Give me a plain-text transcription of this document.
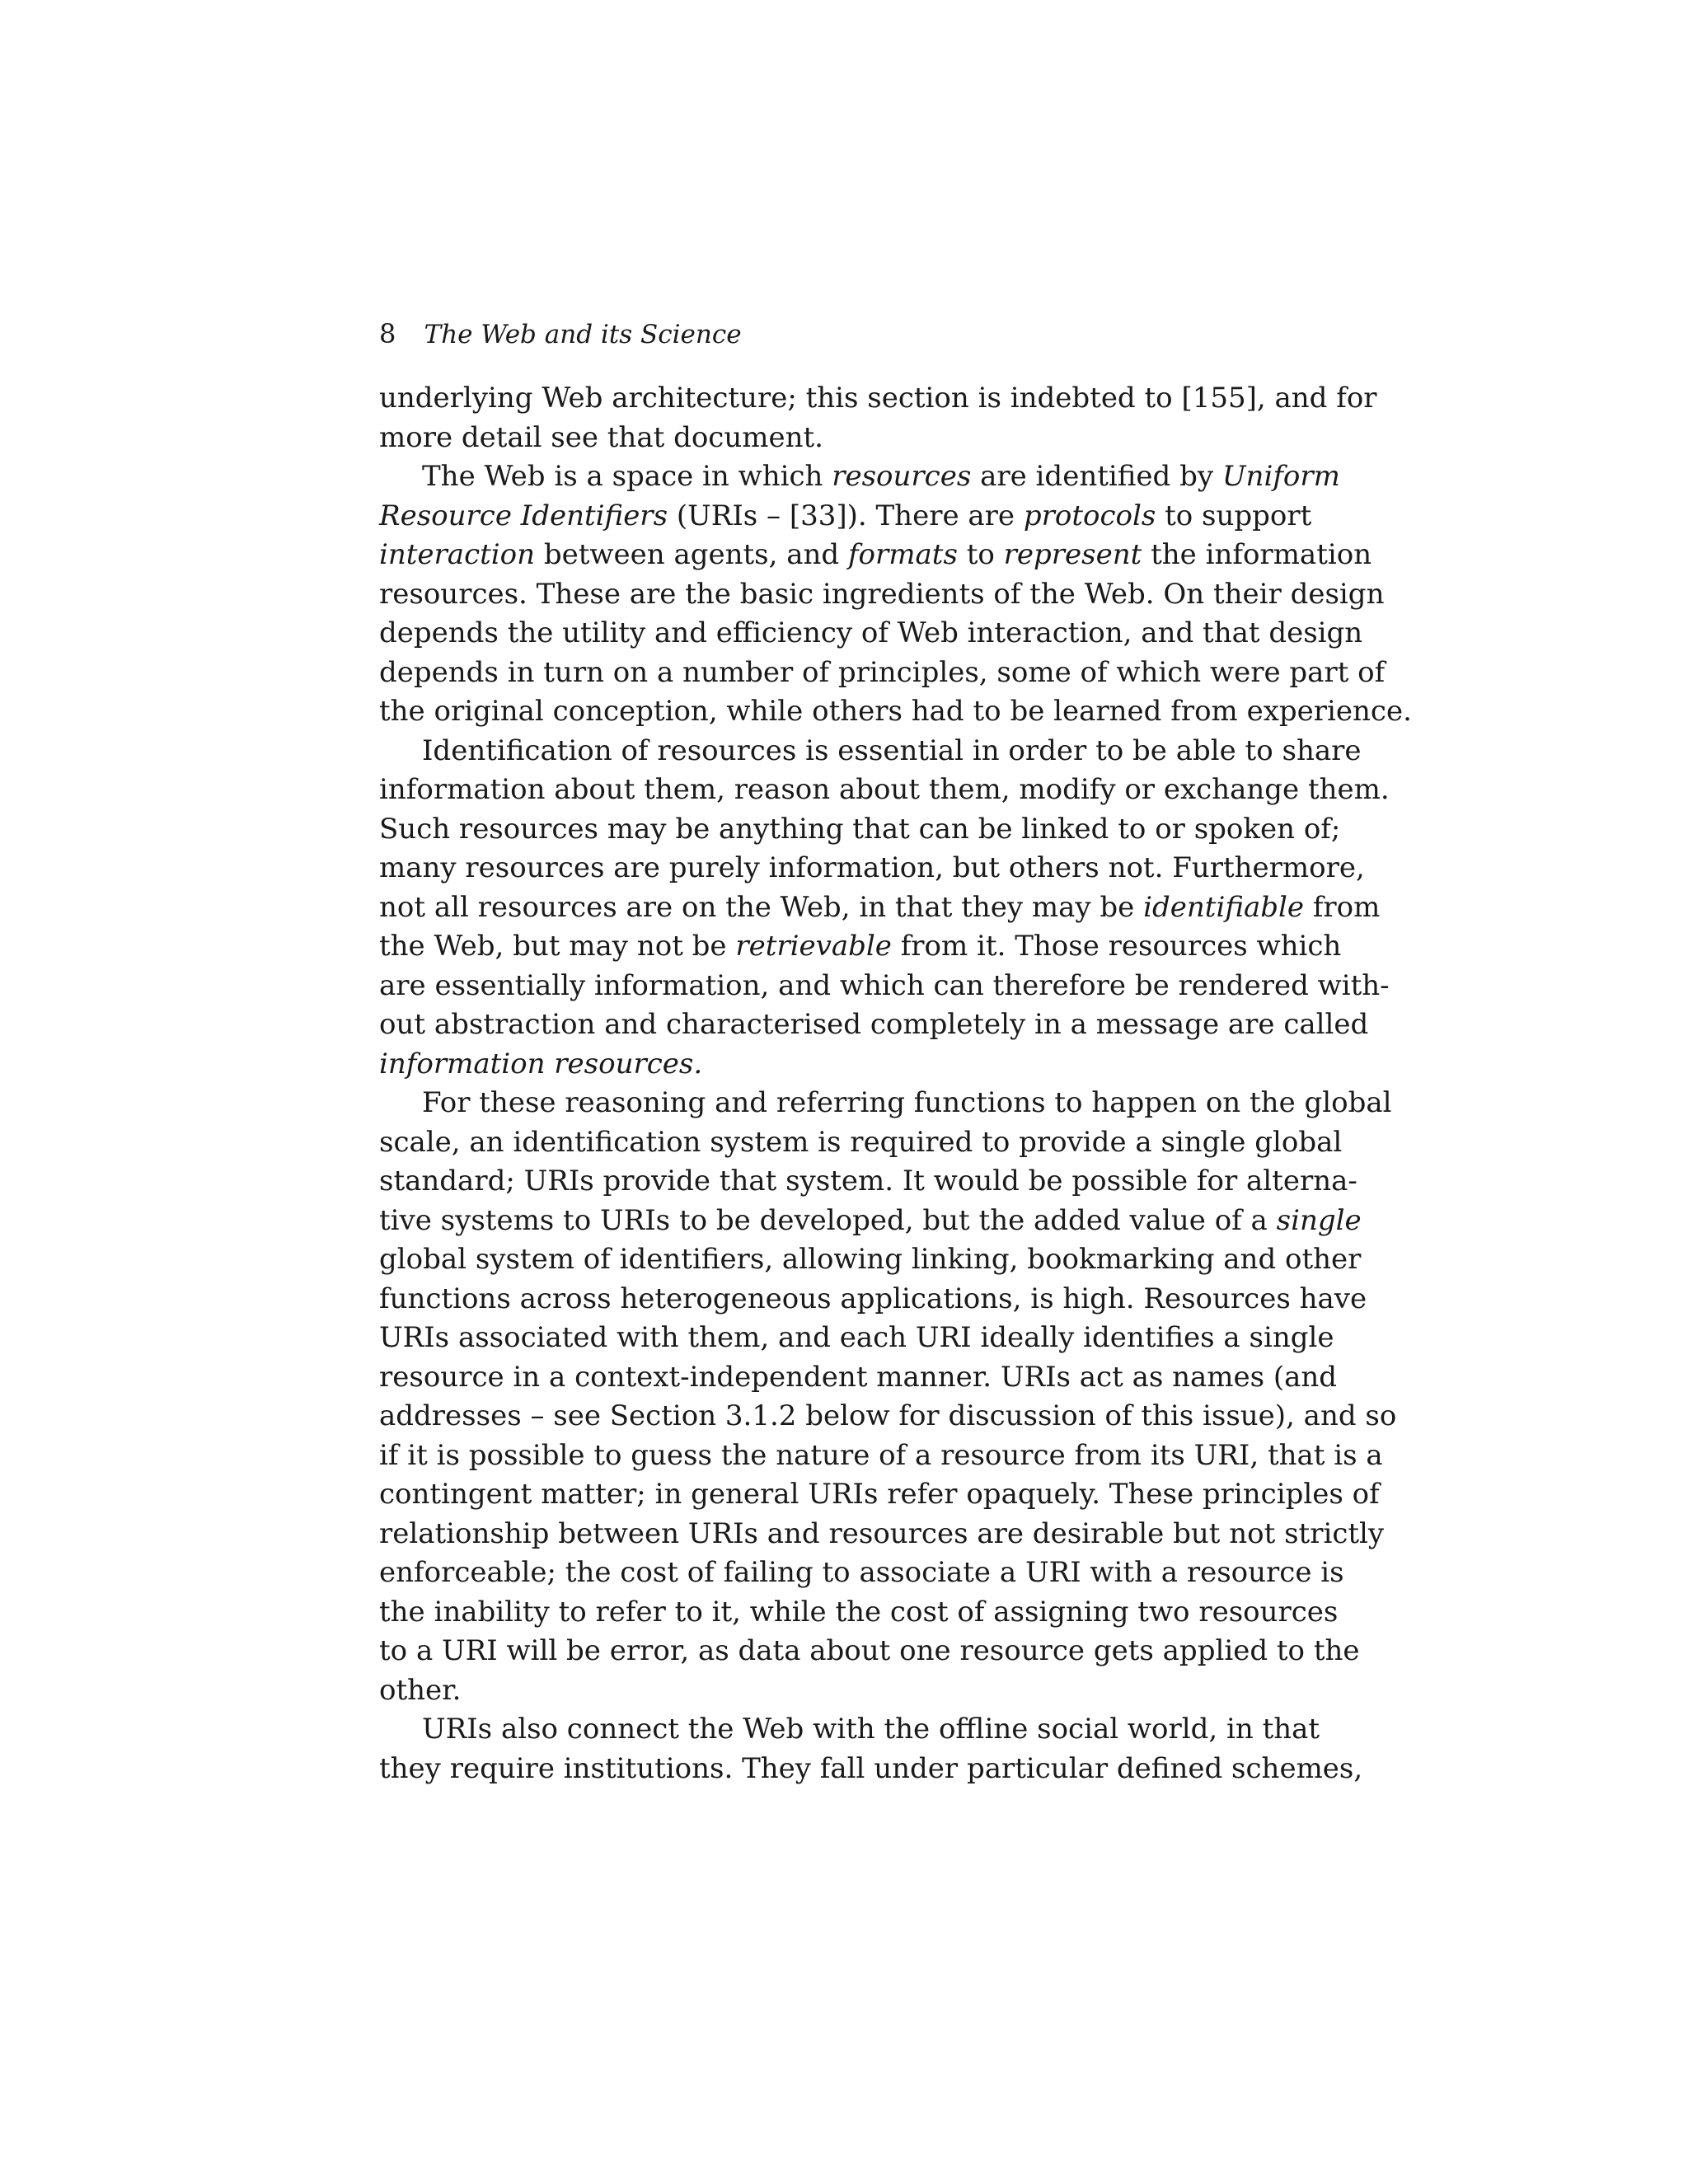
8 The Web and its Science
underlying Web architecture; this section is indebted to [155], and for
more detail see that document.
The Web is a space in which resources are identified by Uniform
Resource Identifiers (URIs – [33]). There are protocols to support
interaction between agents, and formats to represent the information
resources. These are the basic ingredients of the Web. On their design
depends the utility and efficiency of Web interaction, and that design
depends in turn on a number of principles, some of which were part of
the original conception, while others had to be learned from experience.
Identification of resources is essential in order to be able to share
information about them, reason about them, modify or exchange them.
Such resources may be anything that can be linked to or spoken of;
many resources are purely information, but others not. Furthermore,
not all resources are on the Web, in that they may be identifiable from
the Web, but may not be retrievable from it. Those resources which
are essentially information, and which can therefore be rendered with-
out abstraction and characterised completely in a message are called
information resources.
For these reasoning and referring functions to happen on the global
scale, an identification system is required to provide a single global
standard; URIs provide that system. It would be possible for alterna-
tive systems to URIs to be developed, but the added value of a single
global system of identifiers, allowing linking, bookmarking and other
functions across heterogeneous applications, is high. Resources have
URIs associated with them, and each URI ideally identifies a single
resource in a context-independent manner. URIs act as names (and
addresses – see Section 3.1.2 below for discussion of this issue), and so
if it is possible to guess the nature of a resource from its URI, that is a
contingent matter; in general URIs refer opaquely. These principles of
relationship between URIs and resources are desirable but not strictly
enforceable; the cost of failing to associate a URI with a resource is
the inability to refer to it, while the cost of assigning two resources
to a URI will be error, as data about one resource gets applied to the
other.
URIs also connect the Web with the offline social world, in that
they require institutions. They fall under particular defined schemes,
